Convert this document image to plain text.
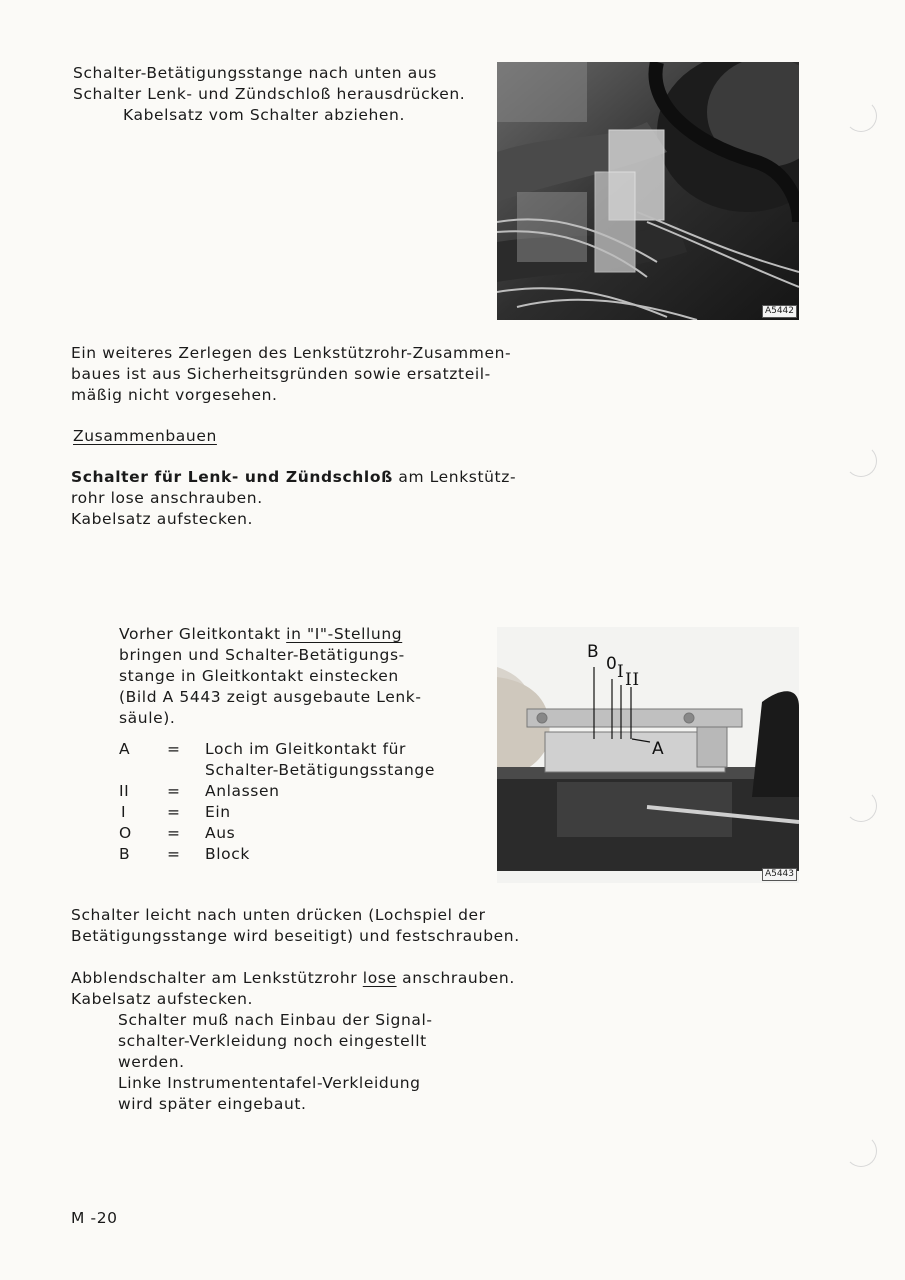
Schalter-Betätigungsstange nach unten aus
Schalter Lenk- und Zündschloß herausdrücken.
Kabelsatz vom Schalter abziehen.
A5442
Ein weiteres Zerlegen des Lenkstützrohr-Zusammen-
baues ist aus Sicherheitsgründen sowie ersatzteil-
mäßig nicht vorgesehen.
Zusammenbauen
Schalter für Lenk- und Zündschloß am Lenkstütz-
rohr lose anschrauben.
Kabelsatz aufstecken.
Vorher Gleitkontakt in "I"-Stellung
bringen und Schalter-Betätigungs-
stange in Gleitkontakt einstecken
(Bild A 5443 zeigt ausgebaute Lenk-
säule).
A = Loch im Gleitkontakt für
Schalter-Betätigungsstange
II = Anlassen
I	= Ein
O = Aus
B = Block
B
0 I II
A
A5443
Schalter leicht nach unten drücken (Lochspiel der
Betätigungsstange wird beseitigt) und festschrauben.
Abblendschalter am Lenkstützrohr lose anschrauben.
Kabelsatz aufstecken.
Schalter muß nach Einbau der Signal-
schalter-Verkleidung noch eingestellt
werden.
Linke Instrumententafel-Verkleidung
wird später eingebaut.
M -20
